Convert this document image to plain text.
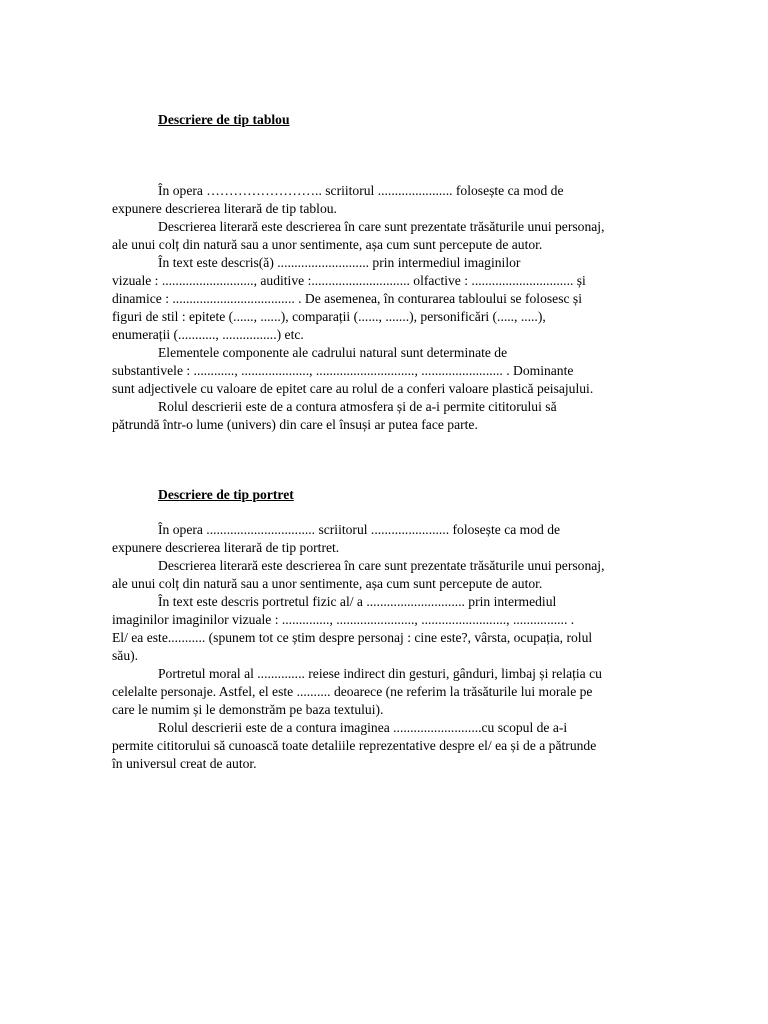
Descriere de tip tablou
În opera …………………….. scriitorul ...................... folosește ca mod de
expunere descrierea literară de tip tablou.
Descrierea literară este descrierea în care sunt prezentate trăsăturile unui personaj,
ale unui colț din natură sau a unor sentimente, așa cum sunt percepute de autor.
În text este descris(ă) ........................... prin intermediul imaginilor
vizuale : ..........................., auditive :............................. olfactive : .............................. și
dinamice : .................................... . De asemenea, în conturarea tabloului se folosesc și
figuri de stil : epitete (......, ......), comparații (......, .......), personificări (....., .....),
enumerații (..........., ................) etc.
Elementele componente ale cadrului natural sunt determinate de
substantivele : ............, ...................., ............................., ........................ . Dominante
sunt adjectivele cu valoare de epitet care au rolul de a conferi valoare plastică peisajului.
Rolul descrierii este de a contura atmosfera și de a-i permite cititorului să
pătrundă într-o lume (univers) din care el însuși ar putea face parte.
Descriere de tip portret
În opera ................................ scriitorul ....................... folosește ca mod de
expunere descrierea literară de tip portret.
Descrierea literară este descrierea în care sunt prezentate trăsăturile unui personaj,
ale unui colț din natură sau a unor sentimente, așa cum sunt percepute de autor.
În text este descris portretul fizic al/ a ............................. prin intermediul
imaginilor imaginilor vizuale : .............., ......................., ........................., ................ .
El/ ea este........... (spunem tot ce știm despre personaj : cine este?, vârsta, ocupația, rolul
său).
Portretul moral al .............. reiese indirect din gesturi, gânduri, limbaj și relația cu
celelalte personaje. Astfel, el este .......... deoarece (ne referim la trăsăturile lui morale pe
care le numim și le demonstrăm pe baza textului).
Rolul descrierii este de a contura imaginea ..........................cu scopul de a-i
permite cititorului să cunoască toate detaliile reprezentative despre el/ ea și de a pătrunde
în universul creat de autor.
